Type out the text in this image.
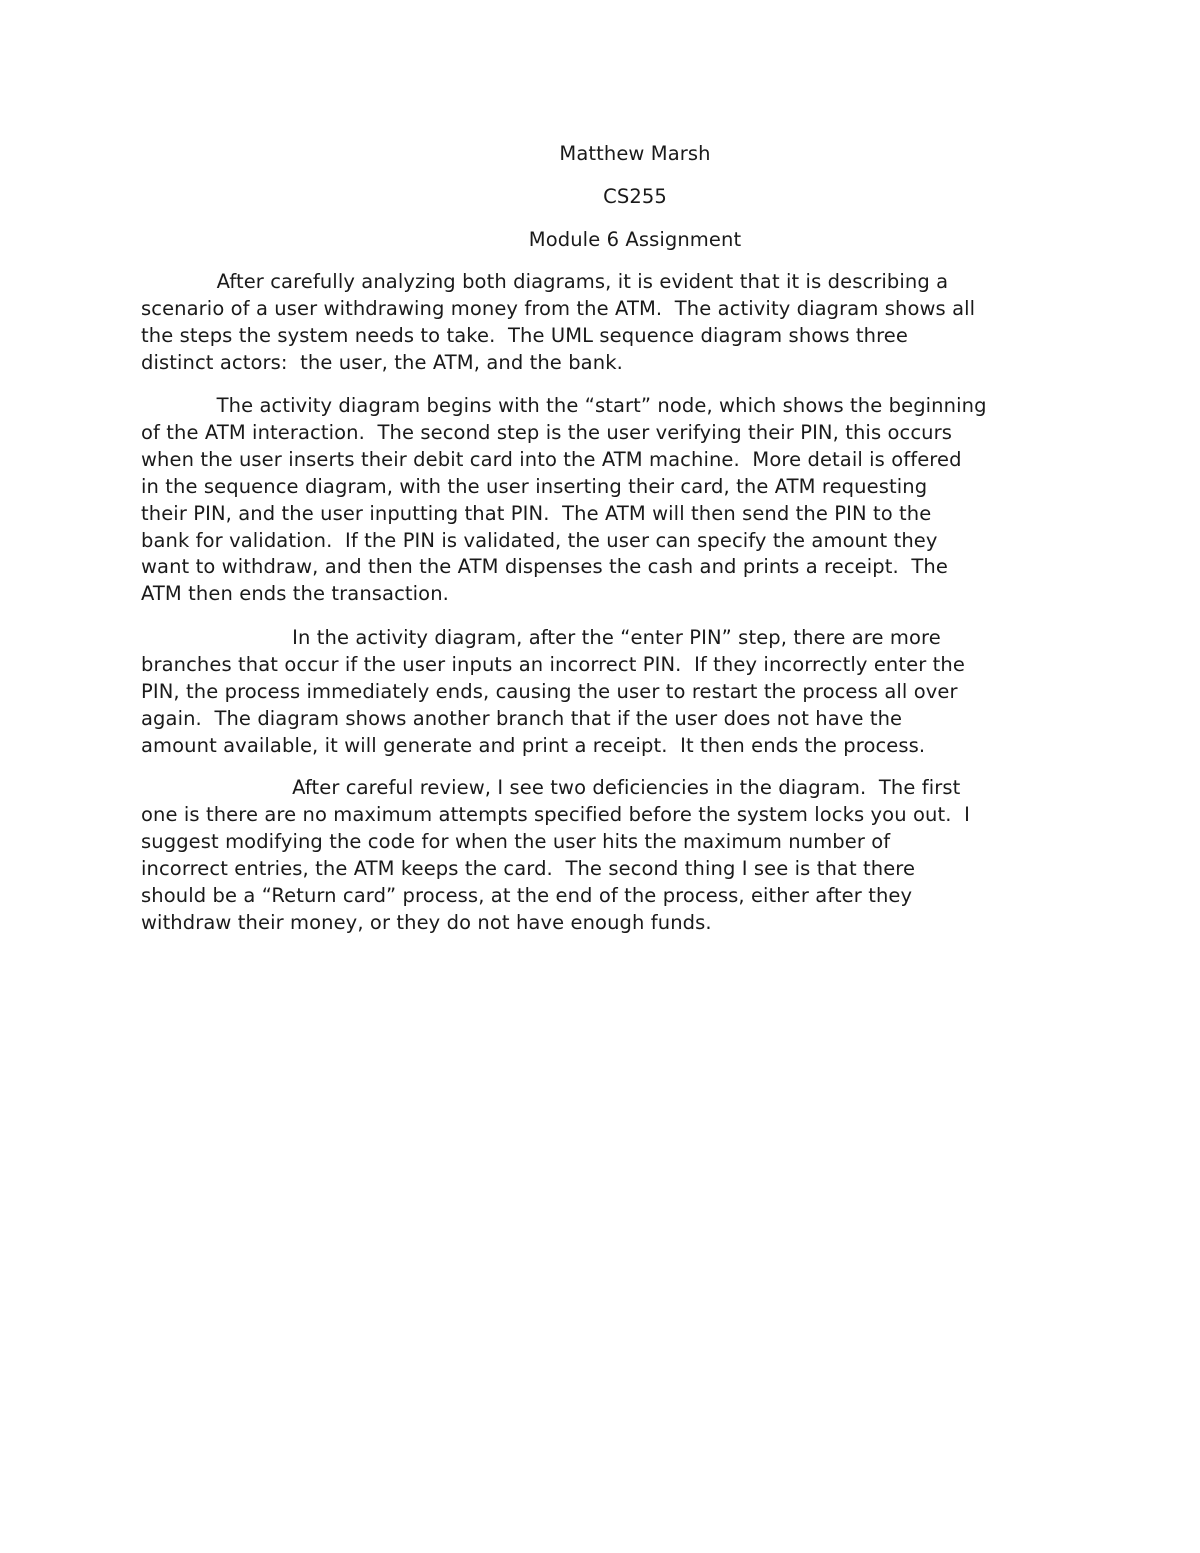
Matthew Marsh

CS255

Module 6 Assignment

After carefully analyzing both diagrams, it is evident that it is describing a
scenario of a user withdrawing money from the ATM.  The activity diagram shows all
the steps the system needs to take.  The UML sequence diagram shows three
distinct actors:  the user, the ATM, and the bank.

The activity diagram begins with the “start” node, which shows the beginning
of the ATM interaction.  The second step is the user verifying their PIN, this occurs
when the user inserts their debit card into the ATM machine.  More detail is offered
in the sequence diagram, with the user inserting their card, the ATM requesting
their PIN, and the user inputting that PIN.  The ATM will then send the PIN to the
bank for validation.  If the PIN is validated, the user can specify the amount they
want to withdraw, and then the ATM dispenses the cash and prints a receipt.  The
ATM then ends the transaction.

In the activity diagram, after the “enter PIN” step, there are more
branches that occur if the user inputs an incorrect PIN.  If they incorrectly enter the
PIN, the process immediately ends, causing the user to restart the process all over
again.  The diagram shows another branch that if the user does not have the
amount available, it will generate and print a receipt.  It then ends the process.

After careful review, I see two deficiencies in the diagram.  The first
one is there are no maximum attempts specified before the system locks you out.  I
suggest modifying the code for when the user hits the maximum number of
incorrect entries, the ATM keeps the card.  The second thing I see is that there
should be a “Return card” process, at the end of the process, either after they
withdraw their money, or they do not have enough funds.
